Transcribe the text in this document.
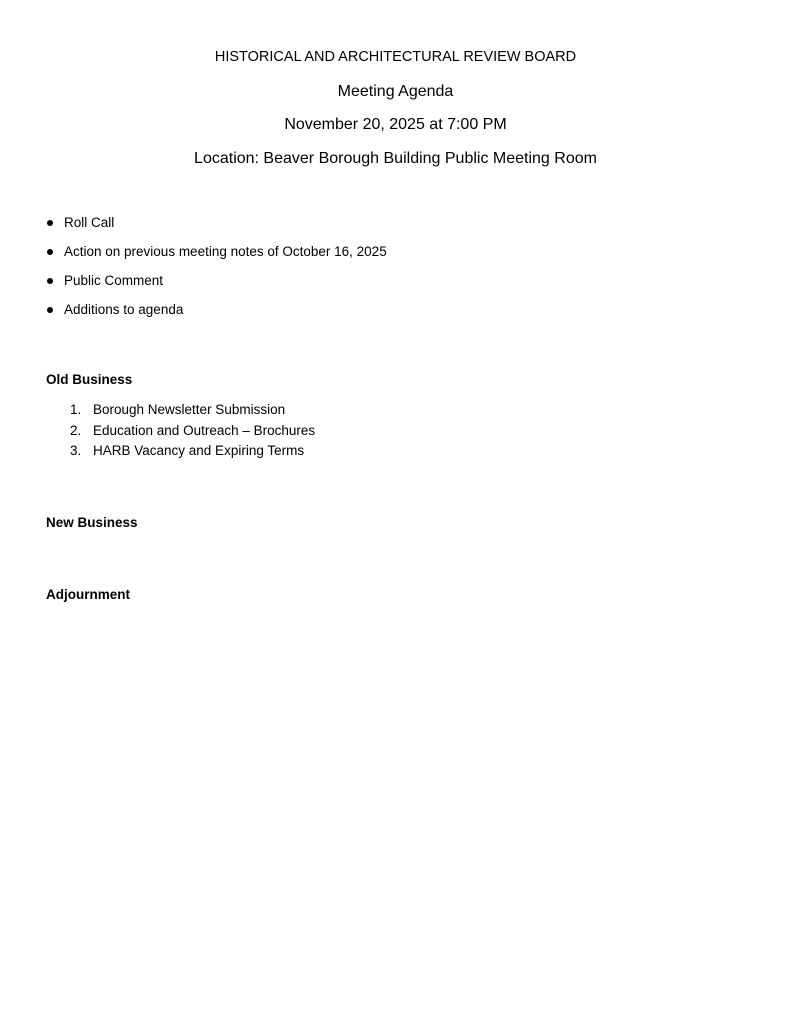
HISTORICAL AND ARCHITECTURAL REVIEW BOARD
Meeting Agenda
November 20, 2025 at 7:00 PM
Location: Beaver Borough Building Public Meeting Room
Roll Call
Action on previous meeting notes of October 16, 2025
Public Comment
Additions to agenda
Old Business
1. Borough Newsletter Submission
2. Education and Outreach – Brochures
3. HARB Vacancy and Expiring Terms
New Business
Adjournment
